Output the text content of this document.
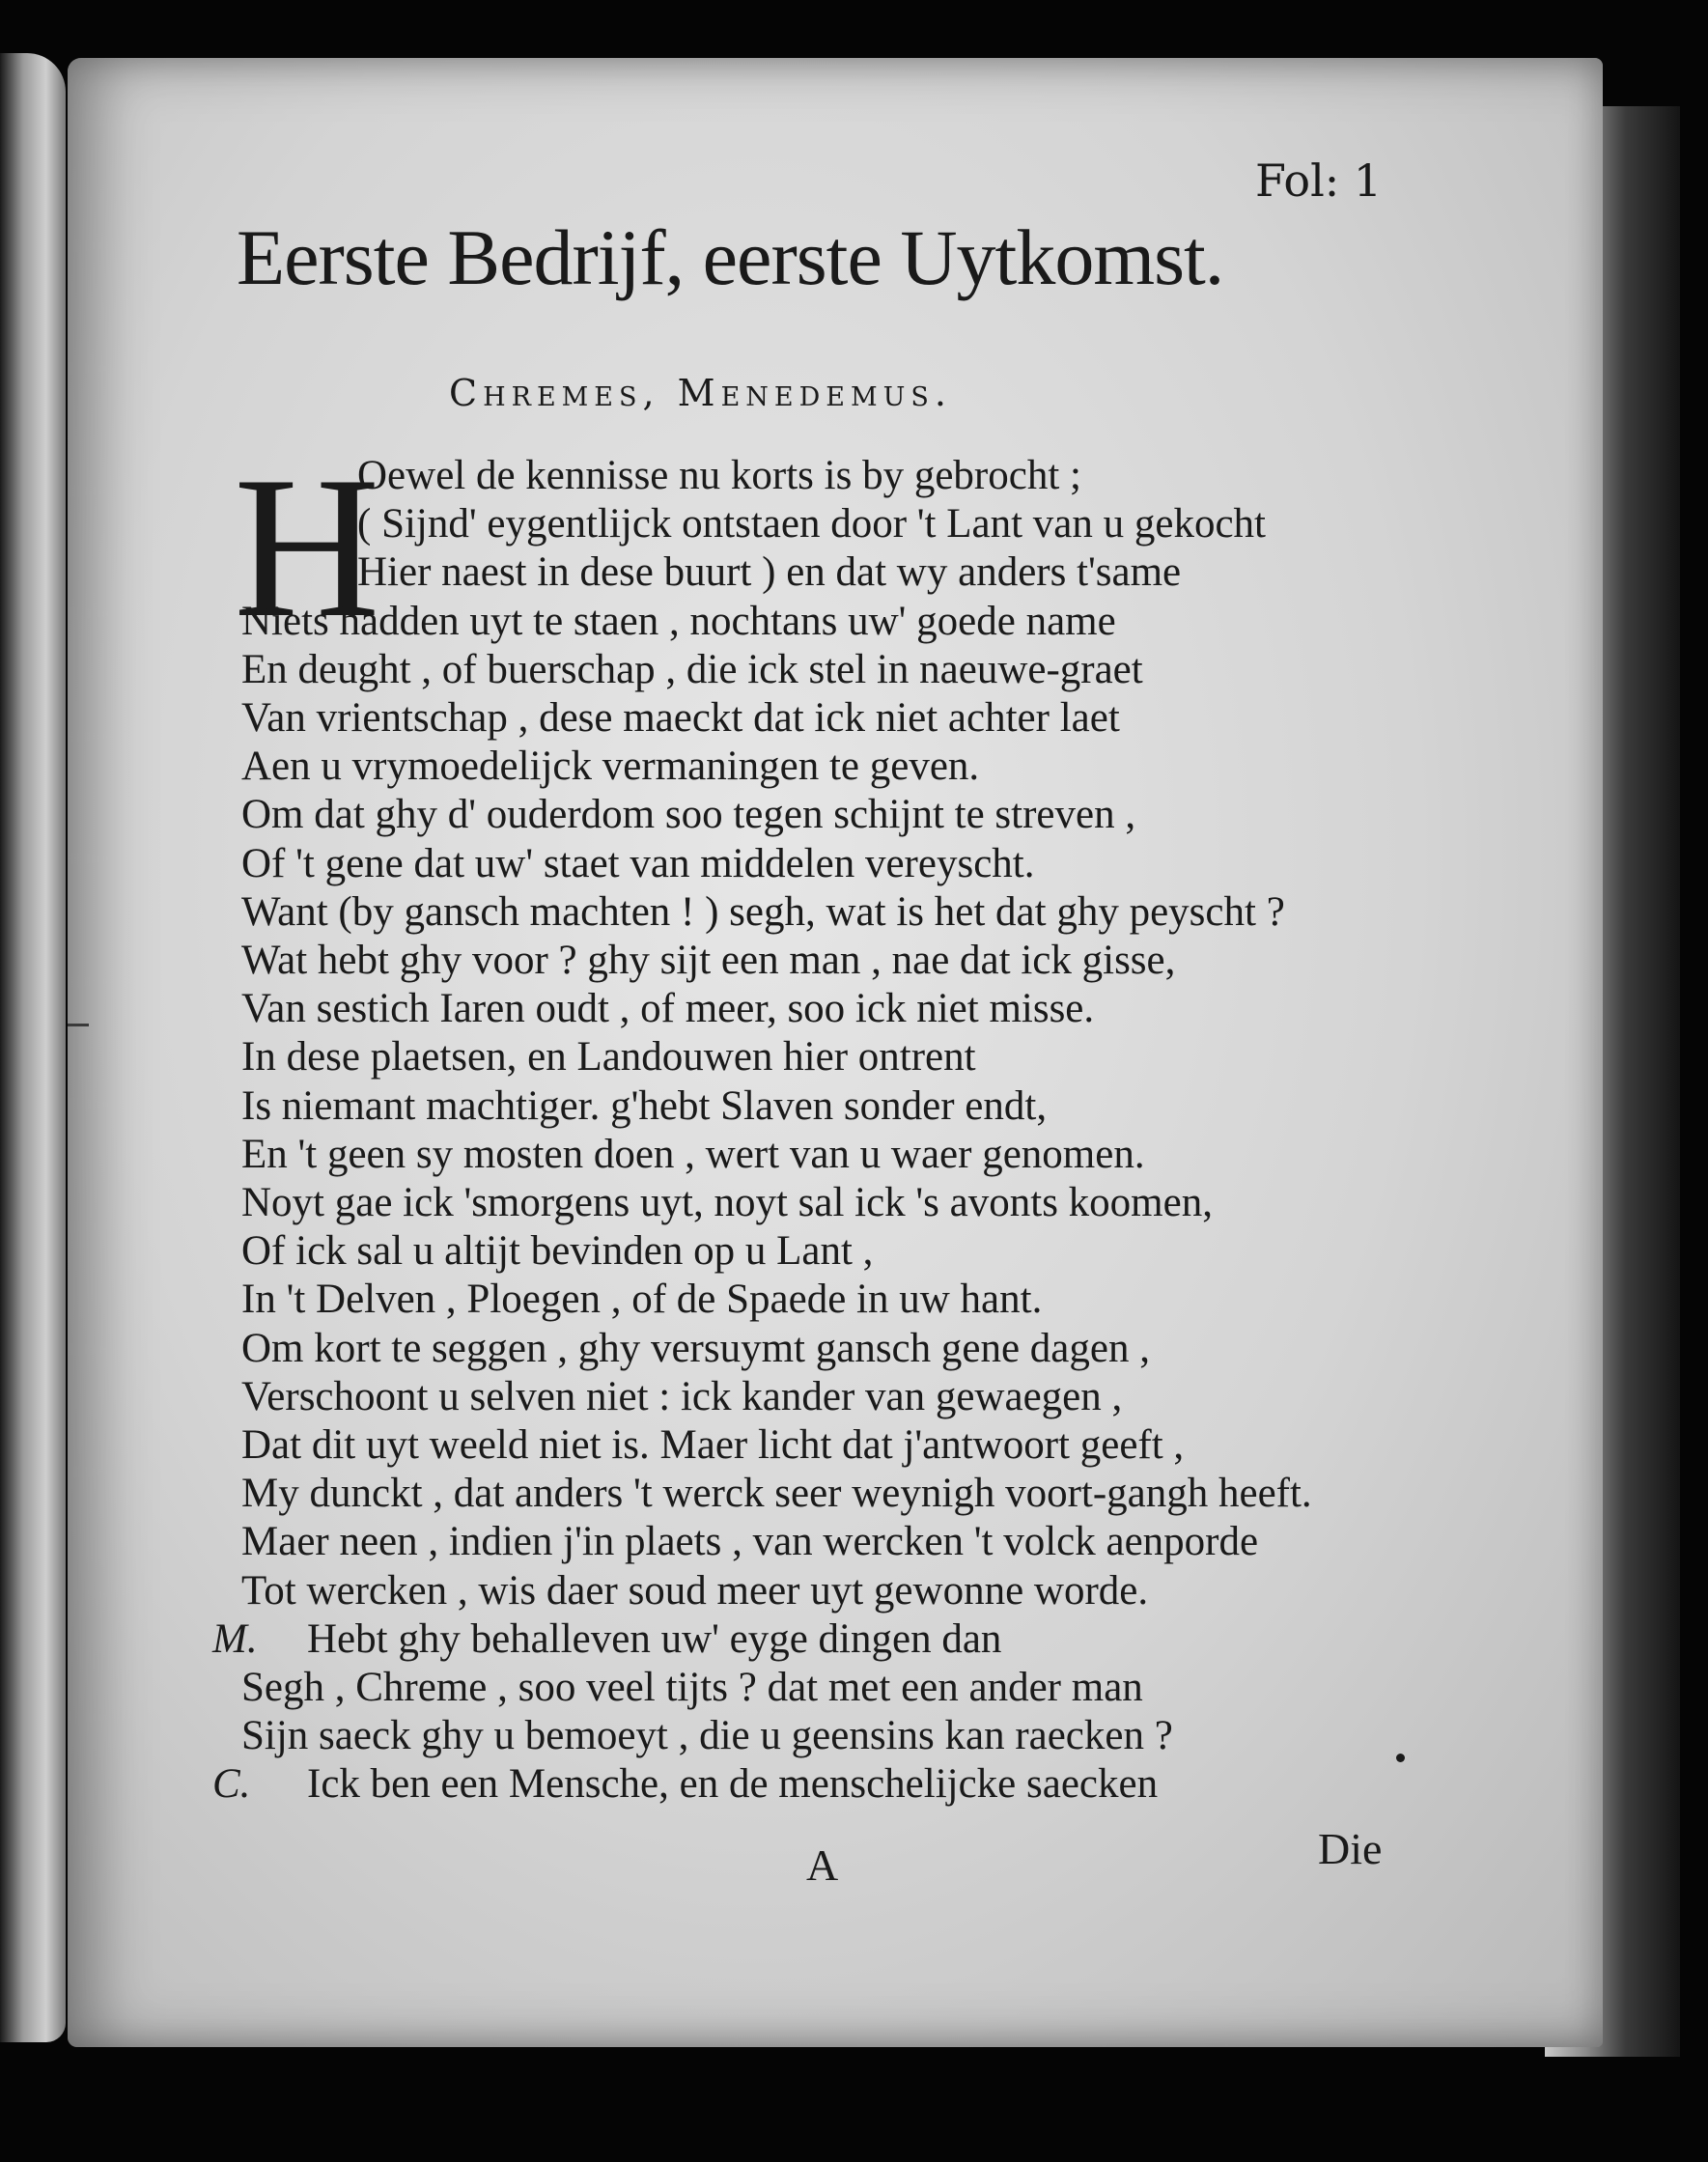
Fol: 1
Eerste Bedrijf, eerste Uytkomst.
Chremes, Menedemus.
H
Oewel de kennisse nu korts is by gebrocht ;
( Sijnd' eygentlijck ontstaen door 't Lant van u gekocht
Hier naest in dese buurt ) en dat wy anders t'same
Niets hadden uyt te staen , nochtans uw' goede name
En deught , of buerschap , die ick stel in naeuwe-graet
Van vrientschap , dese maeckt dat ick niet achter laet
Aen u vrymoedelijck vermaningen te geven.
Om dat ghy d' ouderdom soo tegen schijnt te streven ,
Of 't gene dat uw' staet van middelen vereyscht.
Want (by gansch machten ! ) segh, wat is het dat ghy peyscht ?
Wat hebt ghy voor ? ghy sijt een man , nae dat ick gisse,
Van sestich Iaren oudt , of meer, soo ick niet misse.
In dese plaetsen, en Landouwen hier ontrent
Is niemant machtiger. g'hebt Slaven sonder endt,
En 't geen sy mosten doen , wert van u waer genomen.
Noyt gae ick 'smorgens uyt, noyt sal ick 's avonts koomen,
Of ick sal u altijt bevinden op u Lant ,
In 't Delven , Ploegen , of de Spaede in uw hant.
Om kort te seggen , ghy versuymt gansch gene dagen ,
Verschoont u selven niet : ick kander van gewaegen ,
Dat dit uyt weeld niet is. Maer licht dat j'antwoort geeft ,
My dunckt , dat anders 't werck seer weynigh voort-gangh heeft.
Maer neen , indien j'in plaets , van wercken 't volck aenporde
Tot wercken , wis daer soud meer uyt gewonne worde.
M. Hebt ghy behalleven uw' eyge dingen dan
Segh , Chreme , soo veel tijts ? dat met een ander man
Sijn saeck ghy u bemoeyt , die u geensins kan raecken ?
C. Ick ben een Mensche, en de menschelijcke saecken
A	Die
